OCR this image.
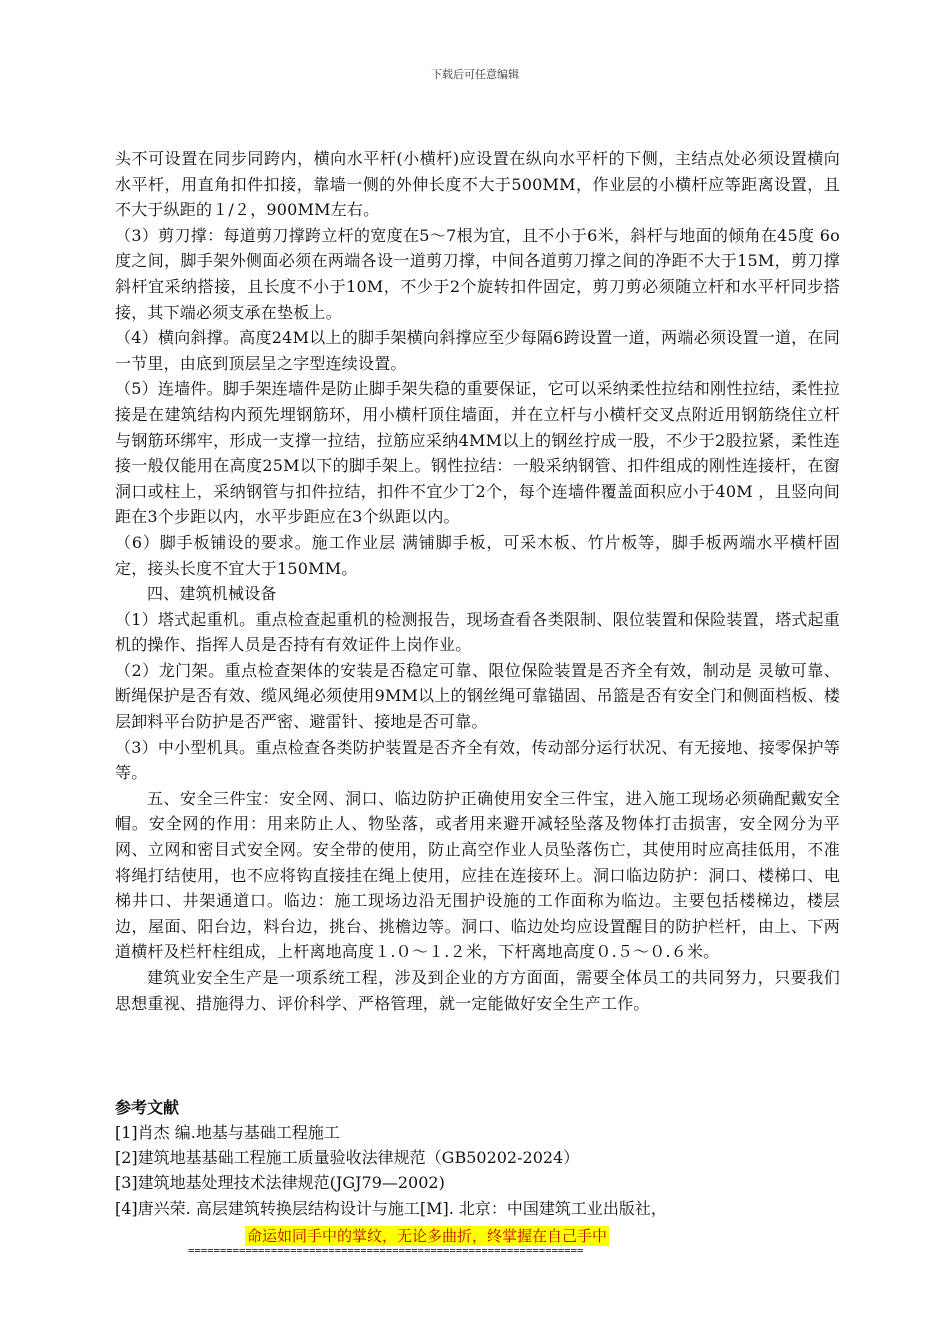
下载后可任意编辑

头不可设置在同步同跨内，横向水平杆(小横杆)应设置在纵向水平杆的下侧，主结点处必须设置横向水平杆，用直角扣件扣接，靠墙一侧的外伸长度不大于500MM，作业层的小横杆应等距离设置，且不大于纵距的１/２，900MM左右。

（3）剪刀撑：每道剪刀撑跨立杆的宽度在5～7根为宜，且不小于6米，斜杆与地面的倾角在45度 6o度之间，脚手架外侧面必须在两端各设一道剪刀撑，中间各道剪刀撑之间的净距不大于15M，剪刀撑斜杆宜采纳搭接，且长度不小于10M，不少于2个旋转扣件固定，剪刀剪必须随立杆和水平杆同步搭接，其下端必须支承在垫板上。

（4）横向斜撑。高度24M以上的脚手架横向斜撑应至少每隔6跨设置一道，两端必须设置一道，在同一节里，由底到顶层呈之字型连续设置。

（5）连墙件。脚手架连墙件是防止脚手架失稳的重要保证，它可以采纳柔性拉结和刚性拉结，柔性拉接是在建筑结构内预先埋钢筋环，用小横杆顶住墙面，并在立杆与小横杆交叉点附近用钢筋绕住立杆与钢筋环绑牢，形成一支撑一拉结，拉筋应采纳4MM以上的钢丝拧成一股，不少于2股拉紧，柔性连接一般仅能用在高度25M以下的脚手架上。钢性拉结：一般采纳钢管、扣件组成的刚性连接杆，在窗洞口或柱上，采纳钢管与扣件拉结，扣件不宜少丁2个，每个连墙件覆盖面积应小于40M ，且竖向间距在3个步距以内，水平步距应在3个纵距以内。

（6）脚手板铺设的要求。施工作业层 满铺脚手板，可采木板、竹片板等，脚手板两端水平横杆固定，接头长度不宜大于150MM。

四、建筑机械设备

（1）塔式起重机。重点检查起重机的检测报告，现场查看各类限制、限位装置和保险装置，塔式起重机的操作、指挥人员是否持有有效证件上岗作业。

（2）龙门架。重点检查架体的安装是否稳定可靠、限位保险装置是否齐全有效，制动是 灵敏可靠、断绳保护是否有效、缆风绳必须使用9MM以上的钢丝绳可靠锚固、吊篮是否有安全门和侧面档板、楼层卸料平台防护是否严密、避雷针、接地是否可靠。

（3）中小型机具。重点检查各类防护装置是否齐全有效，传动部分运行状况、有无接地、接零保护等等。

五、安全三件宝：安全网、洞口、临边防护正确使用安全三件宝，进入施工现场必须确配戴安全帽。安全网的作用：用来防止人、物坠落，或者用来避开减轻坠落及物体打击损害，安全网分为平网、立网和密目式安全网。安全带的使用，防止高空作业人员坠落伤亡，其使用时应高挂低用，不准将绳打结使用，也不应将钩直接挂在绳上使用，应挂在连接环上。洞口临边防护：洞口、楼梯口、电梯井口、井架通道口。临边：施工现场边沿无围护设施的工作面称为临边。主要包括楼梯边，楼层边，屋面、阳台边，料台边，挑台、挑檐边等。洞口、临边处均应设置醒目的防护栏杆，由上、下两道横杆及栏杆柱组成，上杆离地高度１.０～１.２米，下杆离地高度０.５～０.６米。

建筑业安全生产是一项系统工程，涉及到企业的方方面面，需要全体员工的共同努力，只要我们思想重视、措施得力、评价科学、严格管理，就一定能做好安全生产工作。

参考文献
[1]肖杰 编.地基与基础工程施工
[2]建筑地基基础工程施工质量验收法律规范（GB50202-2024）
[3]建筑地基处理技术法律规范(JGJ79—2002)
[4]唐兴荣. 高层建筑转换层结构设计与施工[M]. 北京：中国建筑工业出版社，
命运如同手中的掌纹，无论多曲折，终掌握在自己手中
==============================================================
